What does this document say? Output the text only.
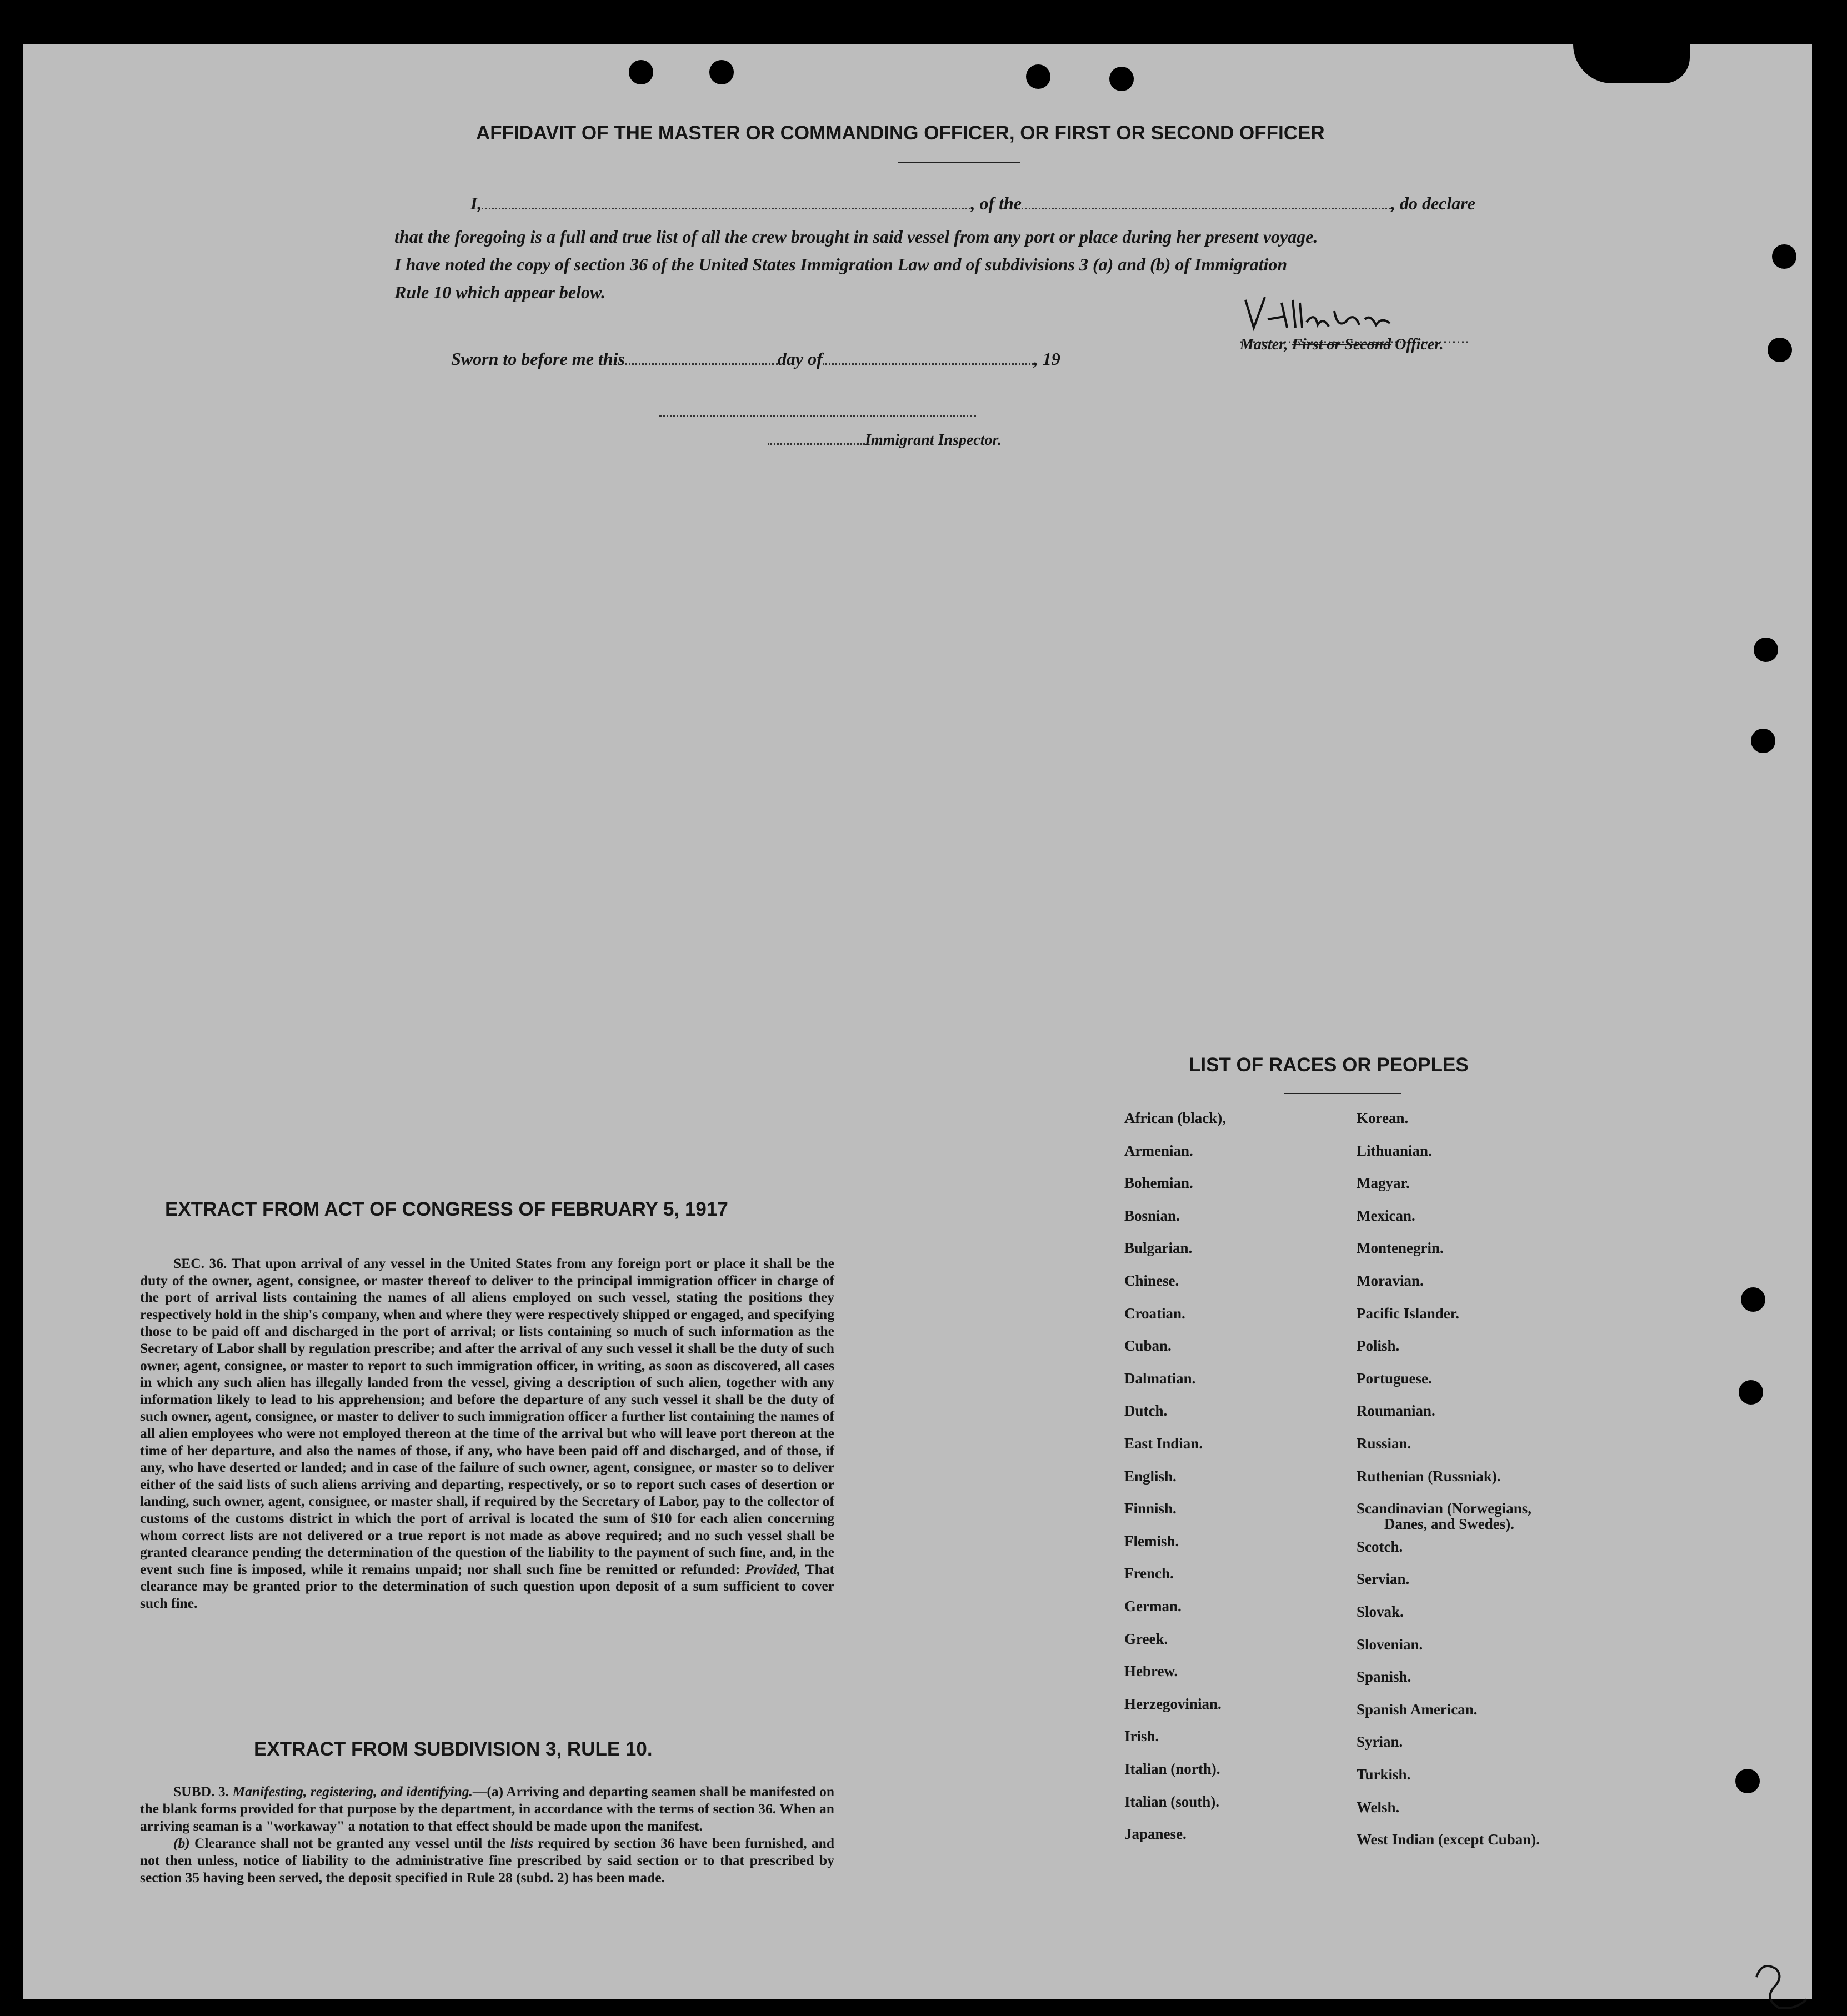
AFFIDAVIT OF THE MASTER OR COMMANDING OFFICER, OR FIRST OR SECOND OFFICER
I,	, of the	, do declare
that the foregoing is a full and true list of all the crew brought in said vessel from any port or place during her present voyage.
I have noted the copy of section 36 of the United States Immigration Law and of subdivisions 3 (a) and (b) of Immigration
Rule 10 which appear below.
Master, First or Second Officer.
Sworn to before me this	day of	, 19
Immigrant Inspector.
LIST OF RACES OR PEOPLES
African (black),
Armenian.
Bohemian.
Bosnian.
Bulgarian.
Chinese.
Croatian.
Cuban.
Dalmatian.
Dutch.
East Indian.
English.
Finnish.
Flemish.
French.
German.
Greek.
Hebrew.
Herzegovinian.
Irish.
Italian (north).
Italian (south).
Japanese.
Korean.
Lithuanian.
Magyar.
Mexican.
Montenegrin.
Moravian.
Pacific Islander.
Polish.
Portuguese.
Roumanian.
Russian.
Ruthenian (Russniak).
Scandinavian (Norwegians,
Danes, and Swedes).
Scotch.
Servian.
Slovak.
Slovenian.
Spanish.
Spanish American.
Syrian.
Turkish.
Welsh.
West Indian (except Cuban).
EXTRACT FROM ACT OF CONGRESS OF FEBRUARY 5, 1917

SEC. 36. That upon arrival of any vessel in the United States from any foreign port or place it shall be the duty of the owner, agent, consignee, or master thereof to deliver to the principal immigration officer in charge of the port of arrival lists containing the names of all aliens employed on such vessel, stating the positions they respectively hold in the ship's company, when and where they were respectively shipped or engaged, and specifying those to be paid off and discharged in the port of arrival; or lists containing so much of such information as the Secretary of Labor shall by regulation prescribe; and after the arrival of any such vessel it shall be the duty of such owner, agent, consignee, or master to report to such immigration officer, in writing, as soon as discovered, all cases in which any such alien has illegally landed from the vessel, giving a description of such alien, together with any information likely to lead to his apprehension; and before the departure of any such vessel it shall be the duty of such owner, agent, consignee, or master to deliver to such immigration officer a further list containing the names of all alien employees who were not employed thereon at the time of the arrival but who will leave port thereon at the time of her departure, and also the names of those, if any, who have been paid off and discharged, and of those, if any, who have deserted or landed; and in case of the failure of such owner, agent, consignee, or master so to deliver either of the said lists of such aliens arriving and departing, respectively, or so to report such cases of desertion or landing, such owner, agent, consignee, or master shall, if required by the Secretary of Labor, pay to the collector of customs of the customs district in which the port of arrival is located the sum of $10 for each alien concerning whom correct lists are not delivered or a true report is not made as above required; and no such vessel shall be granted clearance pending the determination of the question of the liability to the payment of such fine, and, in the event such fine is imposed, while it remains unpaid; nor shall such fine be remitted or refunded: Provided, That clearance may be granted prior to the determination of such question upon deposit of a sum sufficient to cover such fine.

EXTRACT FROM SUBDIVISION 3, RULE 10.

SUBD. 3. Manifesting, registering, and identifying.—(a) Arriving and departing seamen shall be manifested on the blank forms provided for that purpose by the department, in accordance with the terms of section 36. When an arriving seaman is a "workaway" a notation to that effect should be made upon the manifest.

(b) Clearance shall not be granted any vessel until the lists required by section 36 have been furnished, and not then unless, notice of liability to the administrative fine prescribed by said section or to that prescribed by section 35 having been served, the deposit specified in Rule 28 (subd. 2) has been made.
